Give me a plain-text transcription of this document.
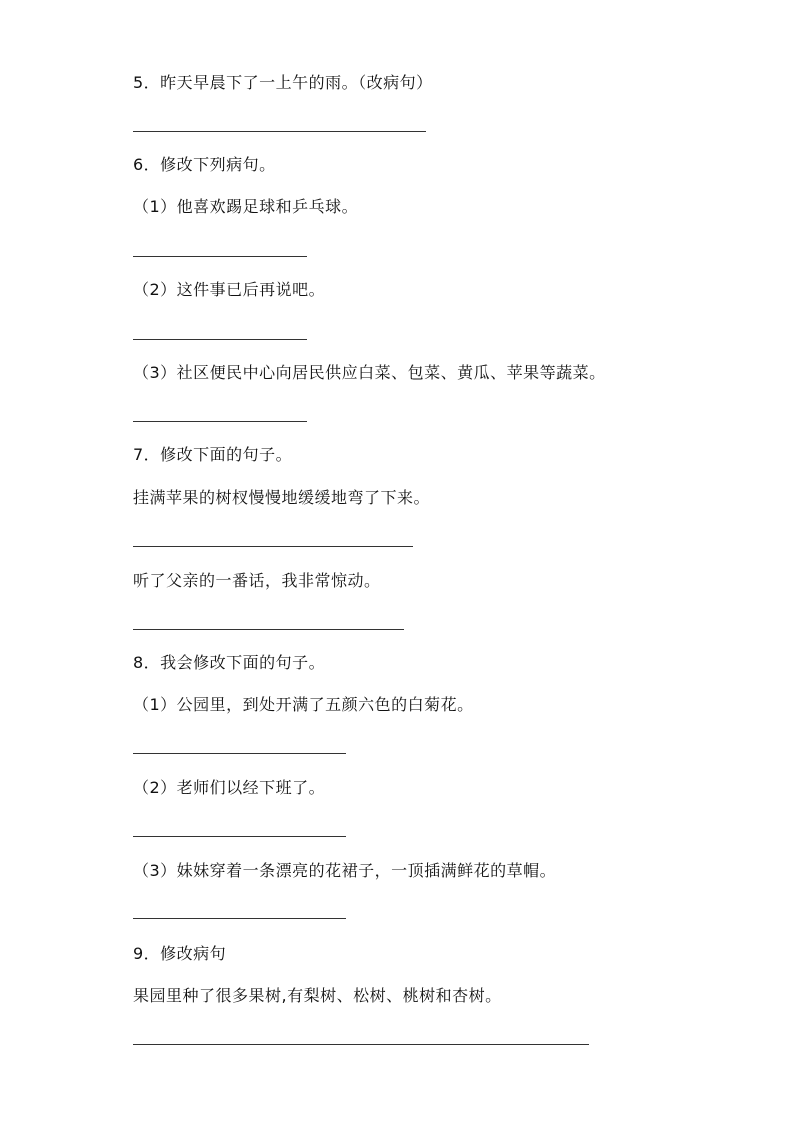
5．昨天早晨下了一上午的雨。（改病句）
6．修改下列病句。
（1）他喜欢踢足球和乒乓球。
（2）这件事已后再说吧。
（3）社区便民中心向居民供应白菜、包菜、黄瓜、苹果等蔬菜。
7．修改下面的句子。
挂满苹果的树杈慢慢地缓缓地弯了下来。
听了父亲的一番话，我非常惊动。
8．我会修改下面的句子。
（1）公园里，到处开满了五颜六色的白菊花。
（2）老师们以经下班了。
（3）妹妹穿着一条漂亮的花裙子，一顶插满鲜花的草帽。
9．修改病句
果园里种了很多果树,有梨树、松树、桃树和杏树。
